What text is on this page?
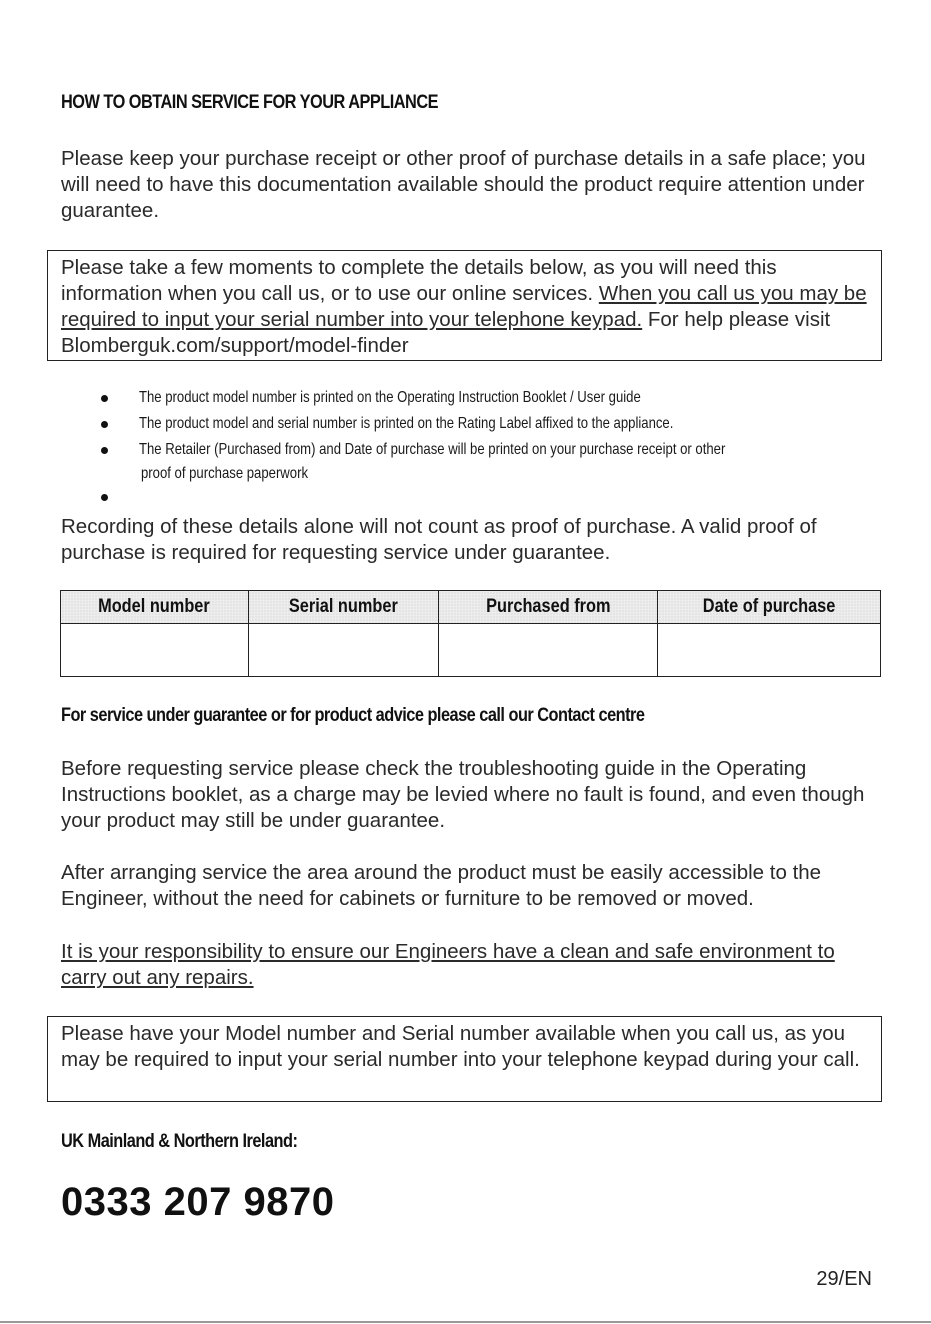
HOW TO OBTAIN SERVICE FOR YOUR APPLIANCE

Please keep your purchase receipt or other proof of purchase details in a safe place; you will need to have this documentation available should the product require attention under guarantee.

Please take a few moments to complete the details below, as you will need this information when you call us, or to use our online services. When you call us you may be required to input your serial number into your telephone keypad. For help please visit Blomberguk.com/support/model-finder
The product model number is printed on the Operating Instruction Booklet / User guide
The product model and serial number is printed on the Rating Label affixed to the appliance.
The Retailer (Purchased from) and Date of purchase will be printed on your purchase receipt or other
proof of purchase paperwork

Recording of these details alone will not count as proof of purchase. A valid proof of purchase is required for requesting service under guarantee.

Model number	Serial number	Purchased from	Date of purchase

For service under guarantee or for product advice please call our Contact centre

Before requesting service please check the troubleshooting guide in the Operating Instructions booklet, as a charge may be levied where no fault is found, and even though your product may still be under guarantee.

After arranging service the area around the product must be easily accessible to the Engineer, without the need for cabinets or furniture to be removed or moved.

It is your responsibility to ensure our Engineers have a clean and safe environment to carry out any repairs.

Please have your Model number and Serial number available when you call us, as you may be required to input your serial number into your telephone keypad during your call.
UK Mainland & Northern Ireland:
0333 207 9870
29/EN
